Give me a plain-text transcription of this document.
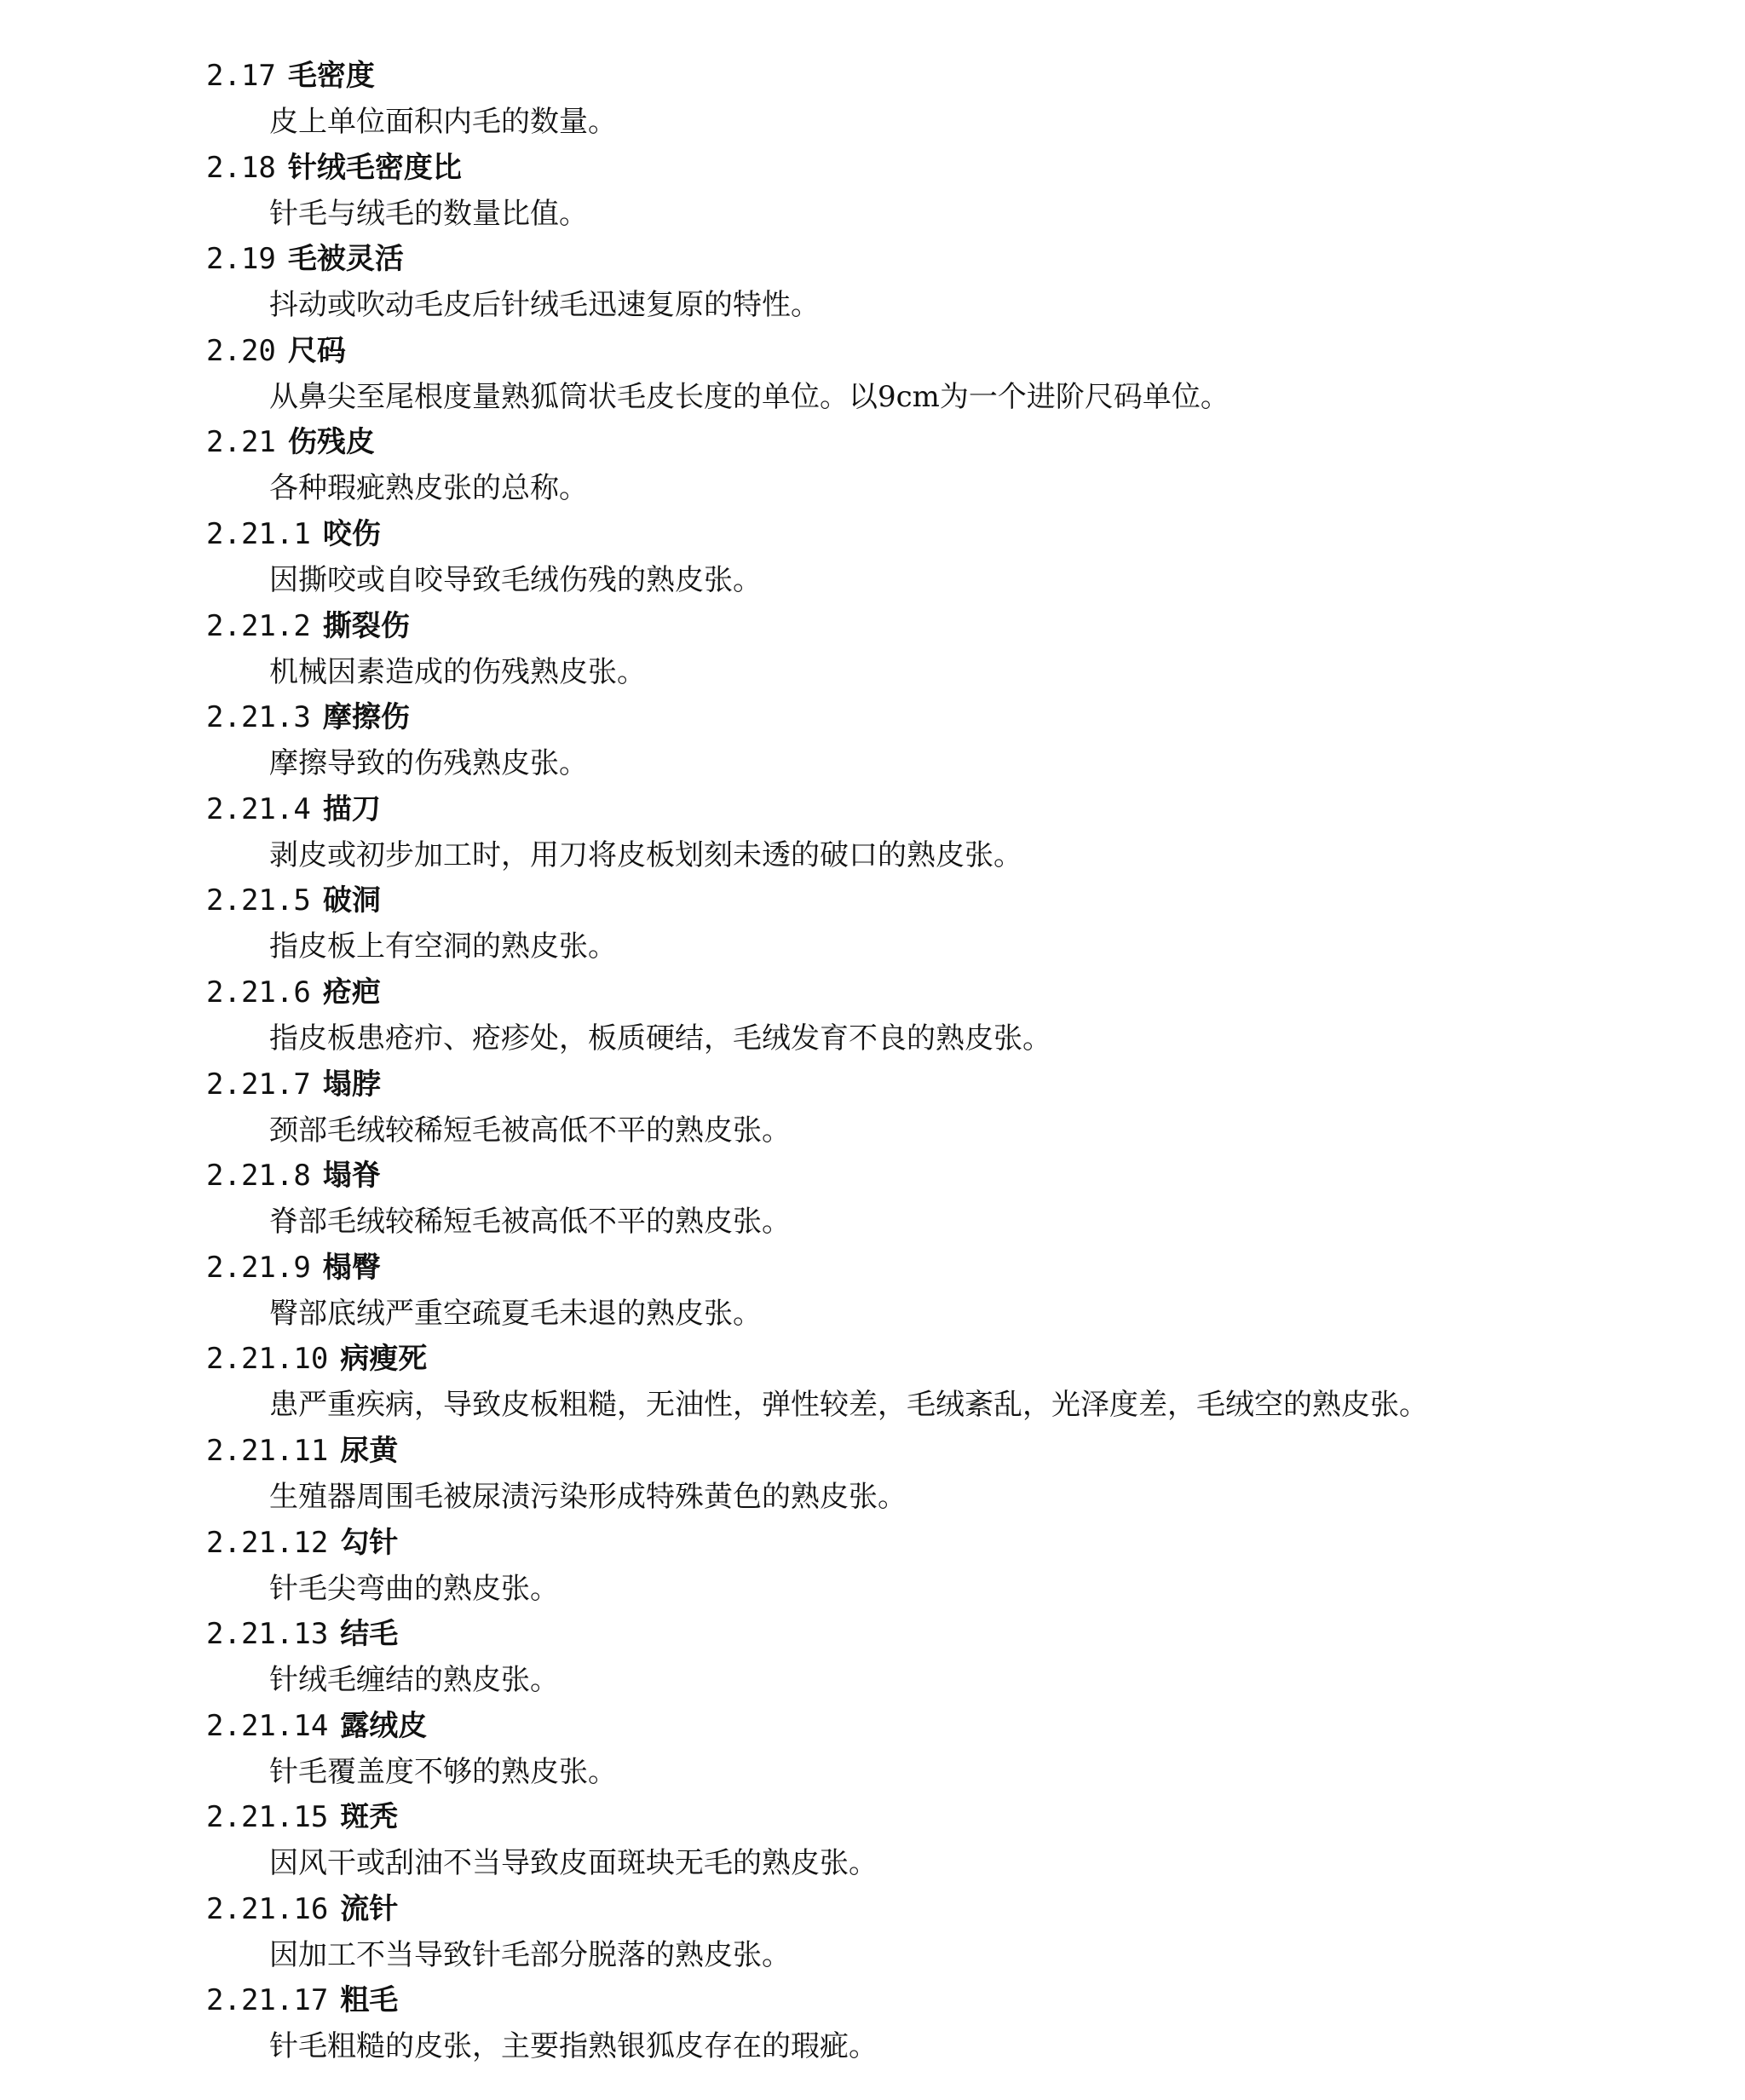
2.17 毛密度
皮上单位面积内毛的数量。
2.18 针绒毛密度比
针毛与绒毛的数量比值。
2.19 毛被灵活
抖动或吹动毛皮后针绒毛迅速复原的特性。
2.20 尺码
从鼻尖至尾根度量熟狐筒状毛皮长度的单位。以9cm为一个进阶尺码单位。
2.21 伤残皮
各种瑕疵熟皮张的总称。
2.21.1 咬伤
因撕咬或自咬导致毛绒伤残的熟皮张。
2.21.2 撕裂伤
机械因素造成的伤残熟皮张。
2.21.3 摩擦伤
摩擦导致的伤残熟皮张。
2.21.4 描刀
剥皮或初步加工时，用刀将皮板划刻未透的破口的熟皮张。
2.21.5 破洞
指皮板上有空洞的熟皮张。
2.21.6 疮疤
指皮板患疮疖、疮疹处，板质硬结，毛绒发育不良的熟皮张。
2.21.7 塌脖
颈部毛绒较稀短毛被高低不平的熟皮张。
2.21.8 塌脊
脊部毛绒较稀短毛被高低不平的熟皮张。
2.21.9 榻臀
臀部底绒严重空疏夏毛未退的熟皮张。
2.21.10 病瘦死
患严重疾病，导致皮板粗糙，无油性，弹性较差，毛绒紊乱，光泽度差，毛绒空的熟皮张。
2.21.11 尿黄
生殖器周围毛被尿渍污染形成特殊黄色的熟皮张。
2.21.12 勾针
针毛尖弯曲的熟皮张。
2.21.13 结毛
针绒毛缠结的熟皮张。
2.21.14 露绒皮
针毛覆盖度不够的熟皮张。
2.21.15 斑秃
因风干或刮油不当导致皮面斑块无毛的熟皮张。
2.21.16 流针
因加工不当导致针毛部分脱落的熟皮张。
2.21.17 粗毛
针毛粗糙的皮张，主要指熟银狐皮存在的瑕疵。
